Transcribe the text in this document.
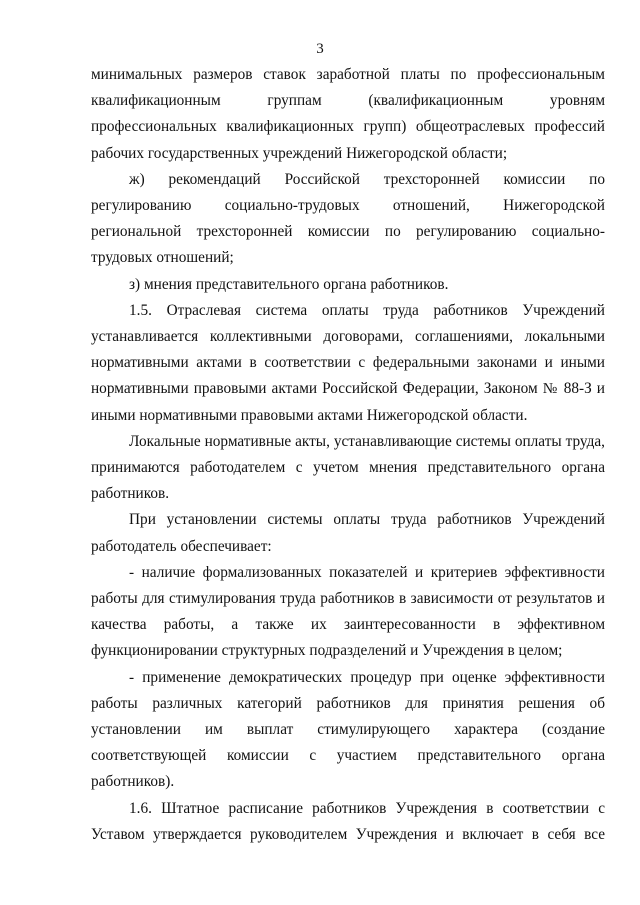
3

минимальных размеров ставок заработной платы по профессиональным квалификационным группам (квалификационным уровням профессиональных квалификационных групп) общеотраслевых профессий рабочих государственных учреждений Нижегородской области;

ж) рекомендаций Российской трехсторонней комиссии по регулированию социально-трудовых отношений, Нижегородской региональной трехсторонней комиссии по регулированию социально-трудовых отношений;

з) мнения представительного органа работников.

1.5. Отраслевая система оплаты труда работников Учреждений устанавливается коллективными договорами, соглашениями, локальными нормативными актами в соответствии с федеральными законами и иными нормативными правовыми актами Российской Федерации, Законом № 88-З и иными нормативными правовыми актами Нижегородской области.

Локальные нормативные акты, устанавливающие системы оплаты труда, принимаются работодателем с учетом мнения представительного органа работников.

При установлении системы оплаты труда работников Учреждений работодатель обеспечивает:

- наличие формализованных показателей и критериев эффективности работы для стимулирования труда работников в зависимости от результатов и качества работы, а также их заинтересованности в эффективном функционировании структурных подразделений и Учреждения в целом;

- применение демократических процедур при оценке эффективности работы различных категорий работников для принятия решения об установлении им выплат стимулирующего характера (создание соответствующей комиссии с участием представительного органа работников).

1.6. Штатное расписание работников Учреждения в соответствии с Уставом утверждается руководителем Учреждения и включает в себя все
